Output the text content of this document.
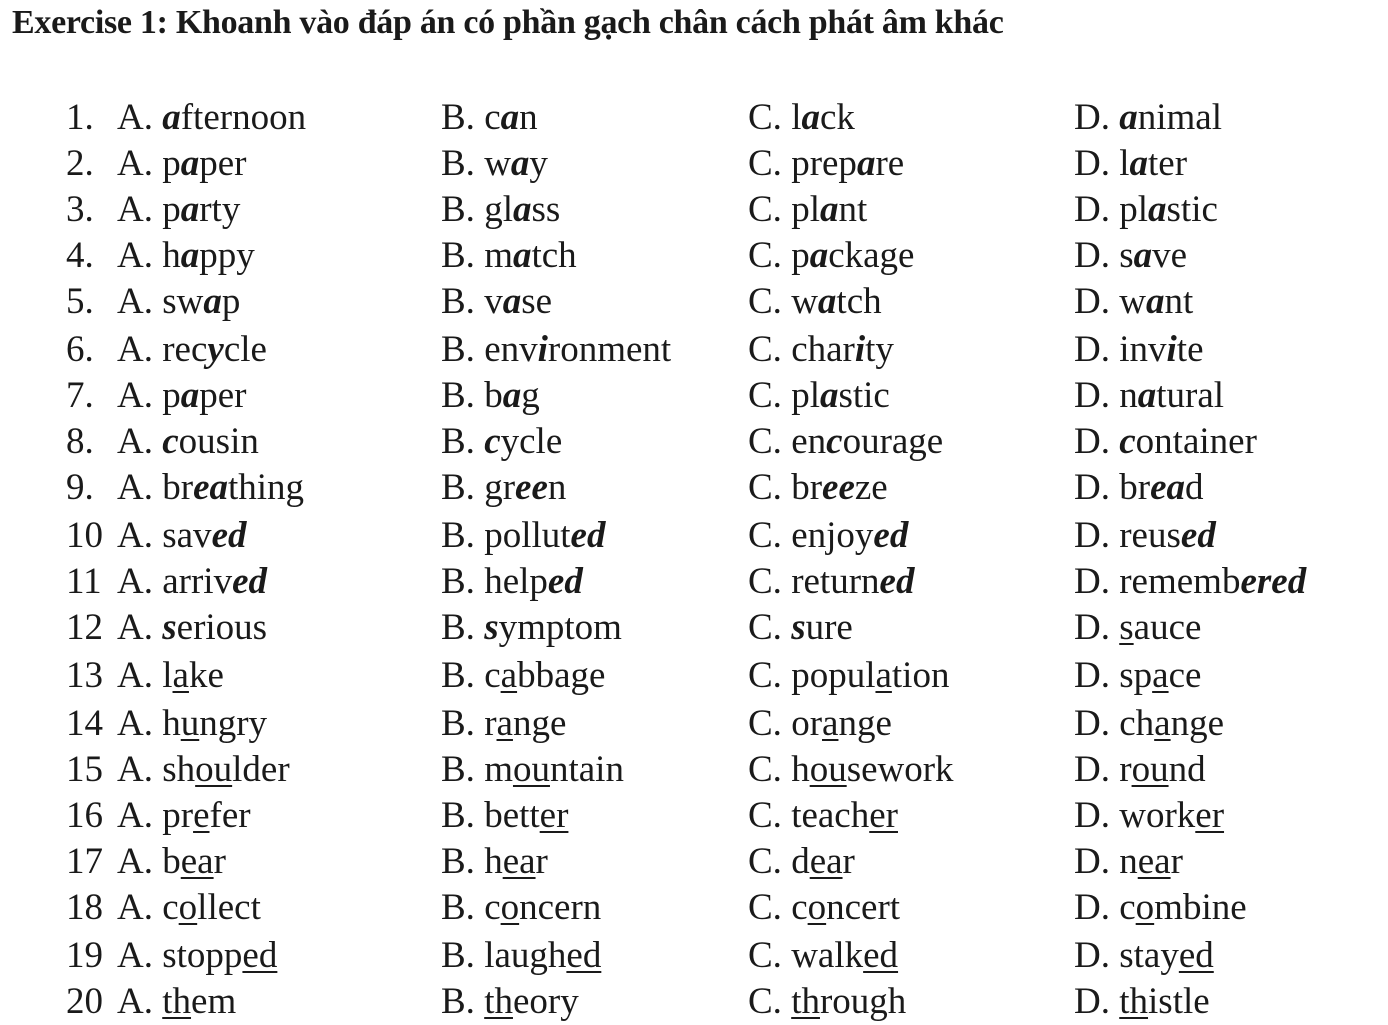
Exercise 1: Khoanh vào đáp án có phần gạch chân cách phát âm khác
1. A. afternoon	B. can	C. lack	D. animal
2. A. paper	B. way	C. prepare	D. later
3. A. party	B. glass	C. plant	D. plastic
4. A. happy	B. match	C. package	D. save
5. A. swap	B. vase	C. watch	D. want
6. A. recycle	B. environment C. charity	D. invite
7. A. paper	B. bag	C. plastic	D. natural
8. A. cousin	B. cycle	C. encourage	D. container
9. A. breathing	B. green	C. breeze	D. bread
10 A. saved	B. polluted	C. enjoyed	D. reused
11 A. arrived	B. helped	C. returned	D. remembered
12 A. serious	B. symptom	C. sure	D. sauce
13 A. lake	B. cabbage	C. population	D. space
14 A. hungry	B. range	C. orange	D. change
15 A. shoulder	B. mountain	C. housework	D. round
16 A. prefer	B. better	C. teacher	D. worker
17 A. bear	B. hear	C. dear	D. near
18 A. collect	B. concern	C. concert	D. combine
19 A. stopped	B. laughed	C. walked	D. stayed
20 A. them	B. theory	C. through	D. thistle
